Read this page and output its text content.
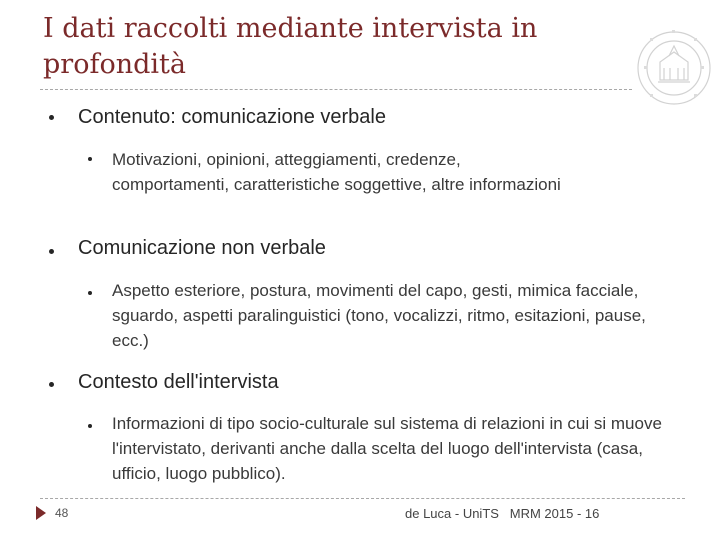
I dati raccolti mediante intervista in profondità
Contenuto: comunicazione verbale
Motivazioni, opinioni, atteggiamenti, credenze, comportamenti, caratteristiche soggettive, altre informazioni
Comunicazione non verbale
Aspetto esteriore, postura, movimenti del capo, gesti, mimica facciale, sguardo, aspetti paralinguistici (tono, vocalizzi, ritmo, esitazioni, pause, ecc.)
Contesto dell'intervista
Informazioni di tipo socio-culturale sul sistema di relazioni in cui si muove l'intervistato, derivanti anche dalla scelta del luogo dell'intervista (casa, ufficio, luogo pubblico).
48	de Luca - UniTS   MRM 2015 - 16
